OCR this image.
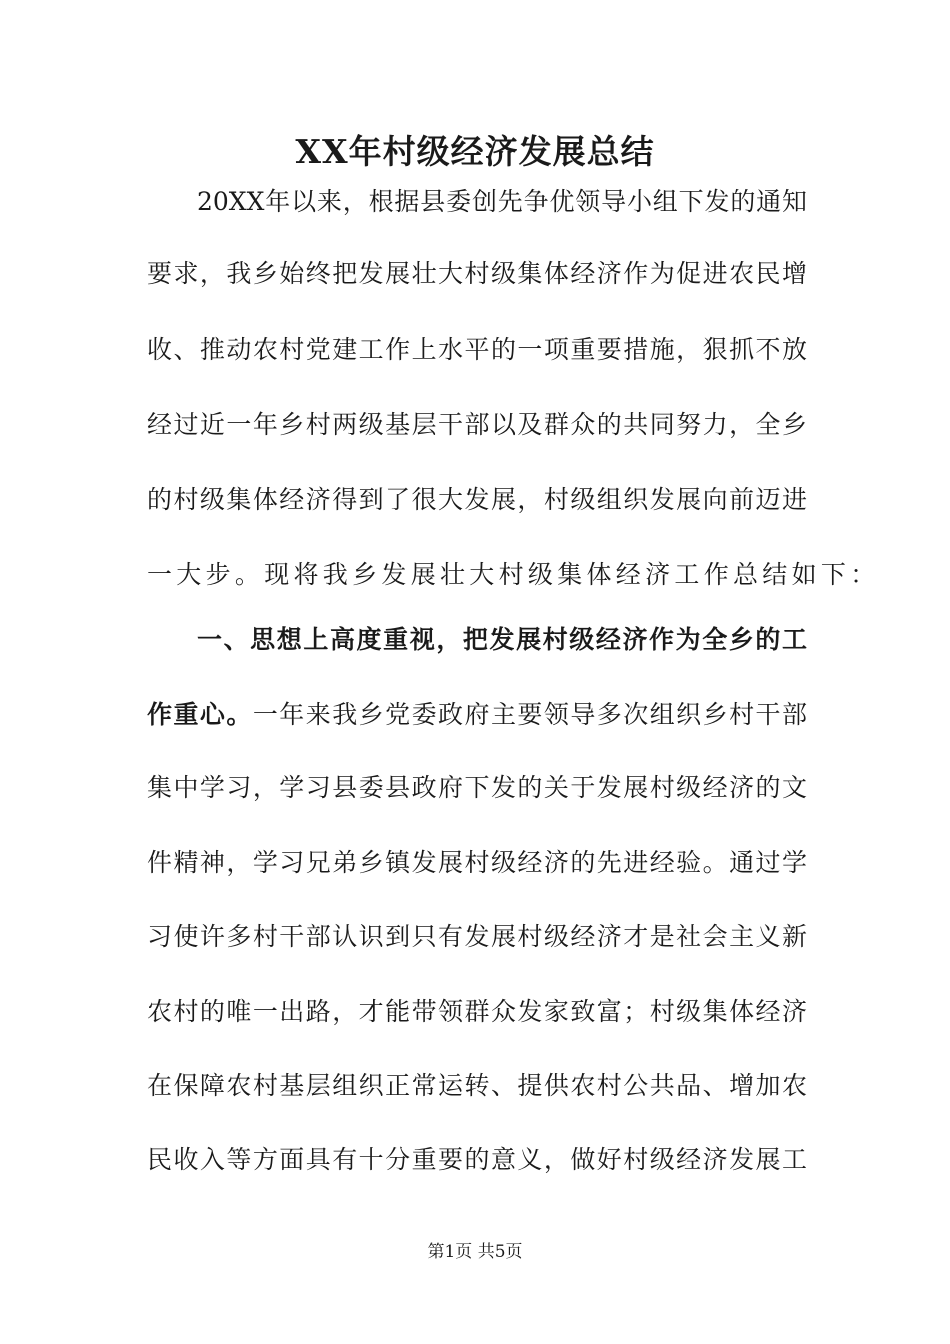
XX年村级经济发展总结

20XX年以来，根据县委创先争优领导小组下发的通知

要求，我乡始终把发展壮大村级集体经济作为促进农民增

收、推动农村党建工作上水平的一项重要措施，狠抓不放

经过近一年乡村两级基层干部以及群众的共同努力，全乡

的村级集体经济得到了很大发展，村级组织发展向前迈进

一大步。现将我乡发展壮大村级集体经济工作总结如下：

一、思想上高度重视，把发展村级经济作为全乡的工

作重心。一年来我乡党委政府主要领导多次组织乡村干部

集中学习，学习县委县政府下发的关于发展村级经济的文

件精神，学习兄弟乡镇发展村级经济的先进经验。通过学

习使许多村干部认识到只有发展村级经济才是社会主义新

农村的唯一出路，才能带领群众发家致富；村级集体经济

在保障农村基层组织正常运转、提供农村公共品、增加农

民收入等方面具有十分重要的意义，做好村级经济发展工

第1页 共5页
